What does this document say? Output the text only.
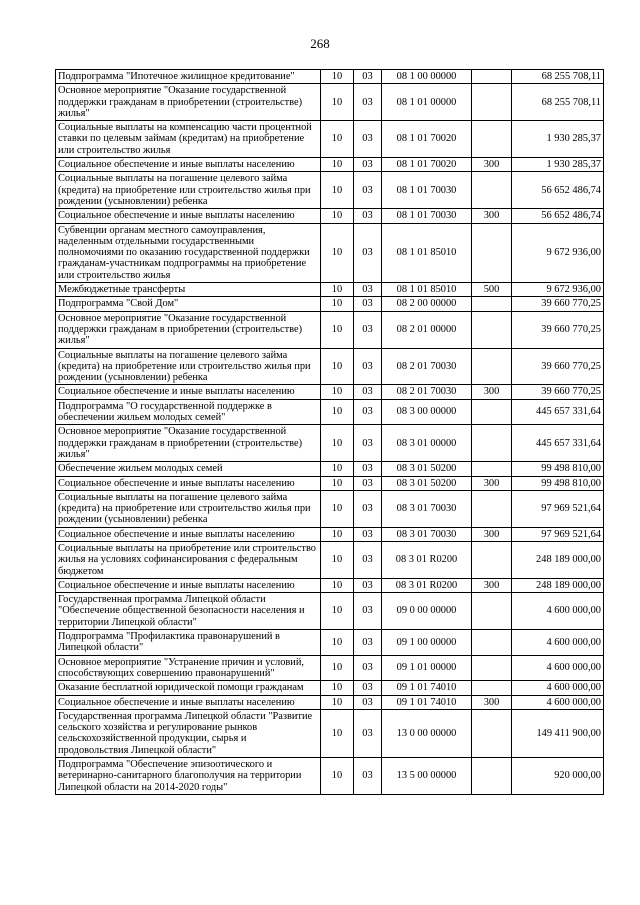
268
Подпрограмма "Ипотечное жилищное кредитование"	10	03	08 1 00 00000		68 255 708,11
Основное мероприятие "Оказание государственной поддержки гражданам в приобретении (строительстве) жилья"	10	03	08 1 01 00000		68 255 708,11
Социальные выплаты на компенсацию части процентной ставки по целевым займам (кредитам) на приобретение или строительство жилья	10	03	08 1 01 70020		1 930 285,37
Социальное обеспечение и иные выплаты населению	10	03	08 1 01 70020	300	1 930 285,37
Социальные выплаты на погашение целевого займа (кредита) на приобретение или строительство жилья при рождении (усыновлении) ребенка	10	03	08 1 01 70030		56 652 486,74
Социальное обеспечение и иные выплаты населению	10	03	08 1 01 70030	300	56 652 486,74
Субвенции органам местного самоуправления, наделенным отдельными государственными полномочиями по оказанию государственной поддержки гражданам-участникам подпрограммы на приобретение или строительство жилья	10	03	08 1 01 85010		9 672 936,00
Межбюджетные трансферты	10	03	08 1 01 85010	500	9 672 936,00
Подпрограмма "Свой Дом"	10	03	08 2 00 00000		39 660 770,25
Основное мероприятие "Оказание государственной поддержки гражданам в приобретении (строительстве) жилья"	10	03	08 2 01 00000		39 660 770,25
Социальные выплаты на погашение целевого займа (кредита) на приобретение или строительство жилья при рождении (усыновлении) ребенка	10	03	08 2 01 70030		39 660 770,25
Социальное обеспечение и иные выплаты населению	10	03	08 2 01 70030	300	39 660 770,25
Подпрограмма "О государственной поддержке в обеспечении жильем молодых семей"	10	03	08 3 00 00000		445 657 331,64
Основное мероприятие "Оказание государственной поддержки гражданам в приобретении (строительстве) жилья"	10	03	08 3 01 00000		445 657 331,64
Обеспечение жильем молодых семей	10	03	08 3 01 50200		99 498 810,00
Социальное обеспечение и иные выплаты населению	10	03	08 3 01 50200	300	99 498 810,00
Социальные выплаты на погашение целевого займа (кредита) на приобретение или строительство жилья при рождении (усыновлении) ребенка	10	03	08 3 01 70030		97 969 521,64
Социальное обеспечение и иные выплаты населению	10	03	08 3 01 70030	300	97 969 521,64
Социальные выплаты на приобретение или строительство жилья на условиях софинансирования с федеральным бюджетом	10	03	08 3 01 R0200		248 189 000,00
Социальное обеспечение и иные выплаты населению	10	03	08 3 01 R0200	300	248 189 000,00
Государственная программа Липецкой области "Обеспечение общественной безопасности населения и территории Липецкой области"	10	03	09 0 00 00000		4 600 000,00
Подпрограмма "Профилактика правонарушений в Липецкой области"	10	03	09 1 00 00000		4 600 000,00
Основное мероприятие "Устранение причин и условий, способствующих совершению правонарушений"	10	03	09 1 01 00000		4 600 000,00
Оказание бесплатной юридической помощи гражданам	10	03	09 1 01 74010		4 600 000,00
Социальное обеспечение и иные выплаты населению	10	03	09 1 01 74010	300	4 600 000,00
Государственная программа Липецкой области "Развитие сельского хозяйства и регулирование рынков сельскохозяйственной продукции, сырья и продовольствия Липецкой области"	10	03	13 0 00 00000		149 411 900,00
Подпрограмма "Обеспечение эпизоотического и ветеринарно-санитарного благополучия на территории Липецкой области на 2014-2020 годы"	10	03	13 5 00 00000		920 000,00
